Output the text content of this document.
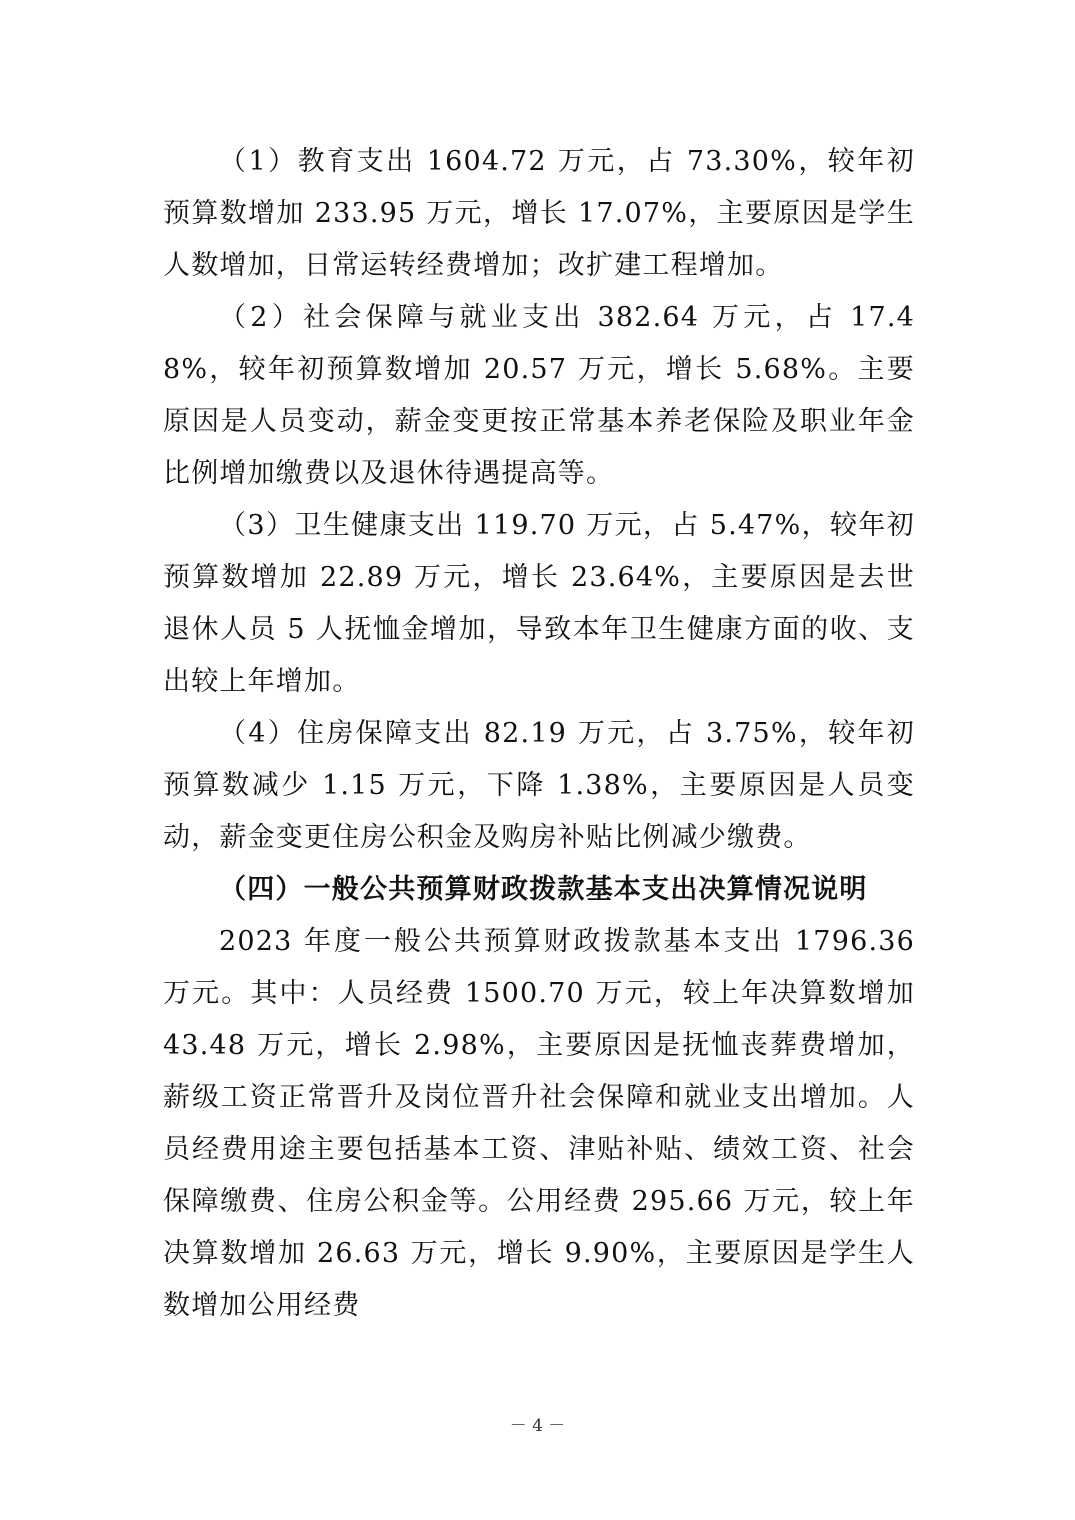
（1）教育支出 1604.72 万元，占 73.30%，较年初预算数增加 233.95 万元，增长 17.07%，主要原因是学生人数增加，日常运转经费增加；改扩建工程增加。

（2）社会保障与就业支出 382.64 万元，占 17.48%，较年初预算数增加 20.57 万元，增长 5.68%。主要原因是人员变动，薪金变更按正常基本养老保险及职业年金比例增加缴费以及退休待遇提高等。

（3）卫生健康支出 119.70 万元，占 5.47%，较年初预算数增加 22.89 万元，增长 23.64%，主要原因是去世退休人员 5 人抚恤金增加，导致本年卫生健康方面的收、支出较上年增加。

（4）住房保障支出 82.19 万元，占 3.75%，较年初预算数减少 1.15 万元，下降 1.38%，主要原因是人员变动，薪金变更住房公积金及购房补贴比例减少缴费。

（四）一般公共预算财政拨款基本支出决算情况说明

2023 年度一般公共预算财政拨款基本支出 1796.36 万元。其中：人员经费 1500.70 万元，较上年决算数增加 43.48 万元，增长 2.98%，主要原因是抚恤丧葬费增加，薪级工资正常晋升及岗位晋升社会保障和就业支出增加。人员经费用途主要包括基本工资、津贴补贴、绩效工资、社会保障缴费、住房公积金等。公用经费 295.66 万元，较上年决算数增加 26.63 万元，增长 9.90%，主要原因是学生人数增加公用经费

－ 4 －
